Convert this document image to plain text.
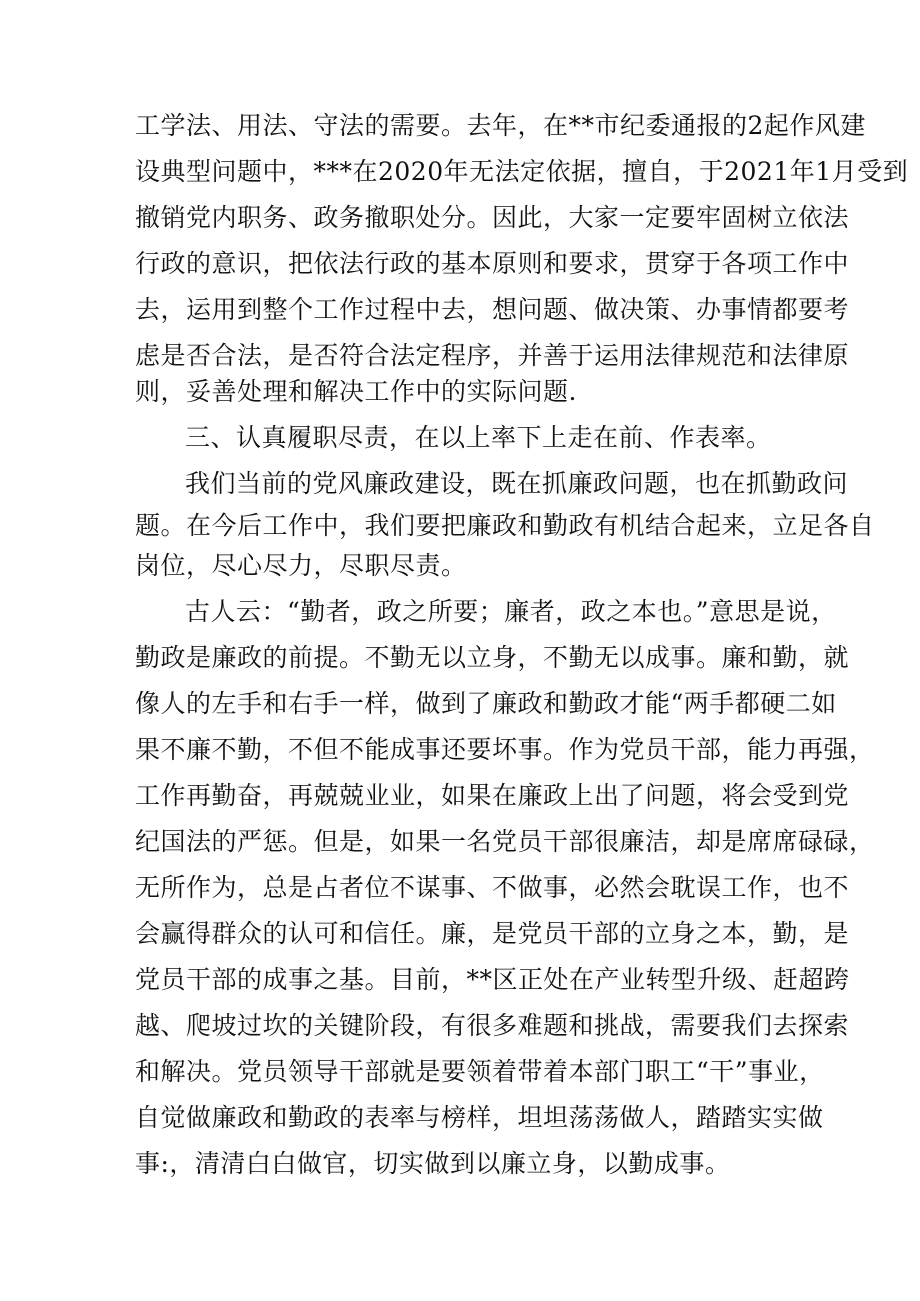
工学法、用法、守法的需要。去年，在**市纪委通报的2起作风建
设典型问题中，***在2020年无法定依据，擅自，于2021年1月受到
撤销党内职务、政务撤职处分。因此，大家一定要牢固树立依法
行政的意识，把依法行政的基本原则和要求，贯穿于各项工作中
去，运用到整个工作过程中去，想问题、做决策、办事情都要考
虑是否合法，是否符合法定程序，并善于运用法律规范和法律原
则，妥善处理和解决工作中的实际问题.
三、认真履职尽责，在以上率下上走在前、作表率。
我们当前的党风廉政建设，既在抓廉政问题，也在抓勤政问
题。在今后工作中，我们要把廉政和勤政有机结合起来，立足各自
岗位，尽心尽力，尽职尽责。
古人云：“勤者，政之所要；廉者，政之本也。”意思是说，
勤政是廉政的前提。不勤无以立身，不勤无以成事。廉和勤，就
像人的左手和右手一样，做到了廉政和勤政才能“两手都硬二如
果不廉不勤，不但不能成事还要坏事。作为党员干部，能力再强，
工作再勤奋，再兢兢业业，如果在廉政上出了问题，将会受到党
纪国法的严惩。但是，如果一名党员干部很廉洁，却是席席碌碌，
无所作为，总是占者位不谋事、不做事，必然会耽误工作，也不
会赢得群众的认可和信任。廉，是党员干部的立身之本，勤，是
党员干部的成事之基。目前，**区正处在产业转型升级、赶超跨
越、爬坡过坎的关键阶段，有很多难题和挑战，需要我们去探索
和解决。党员领导干部就是要领着带着本部门职工“干”事业，
自觉做廉政和勤政的表率与榜样，坦坦荡荡做人，踏踏实实做
事:，清清白白做官，切实做到以廉立身，以勤成事。
